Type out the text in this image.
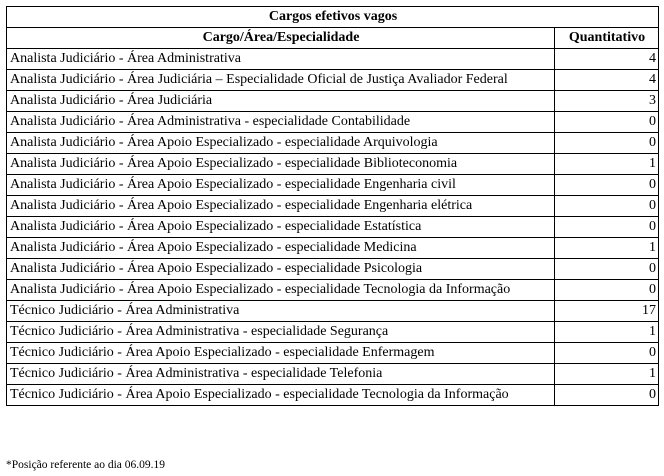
Cargos efetivos vagos	
Cargo/Área/Especialidade	Quantitativo
Analista Judiciário - Área Administrativa	4
Analista Judiciário - Área Judiciária – Especialidade Oficial de Justiça Avaliador Federal	4
Analista Judiciário - Área Judiciária	3
Analista Judiciário - Área Administrativa - especialidade Contabilidade	0
Analista Judiciário - Área Apoio Especializado - especialidade Arquivologia	0
Analista Judiciário - Área Apoio Especializado - especialidade Biblioteconomia	1
Analista Judiciário - Área Apoio Especializado - especialidade Engenharia civil	0
Analista Judiciário - Área Apoio Especializado - especialidade Engenharia elétrica	0
Analista Judiciário - Área Apoio Especializado - especialidade Estatística	0
Analista Judiciário - Área Apoio Especializado - especialidade Medicina	1
Analista Judiciário - Área Apoio Especializado - especialidade Psicologia	0
Analista Judiciário - Área Apoio Especializado - especialidade Tecnologia da Informação	0
Técnico Judiciário - Área Administrativa	17
Técnico Judiciário - Área Administrativa - especialidade Segurança	1
Técnico Judiciário - Área Apoio Especializado - especialidade Enfermagem	0
Técnico Judiciário - Área Administrativa - especialidade Telefonia	1
Técnico Judiciário - Área Apoio Especializado - especialidade Tecnologia da Informação	0
*Posição referente ao dia 06.09.19
